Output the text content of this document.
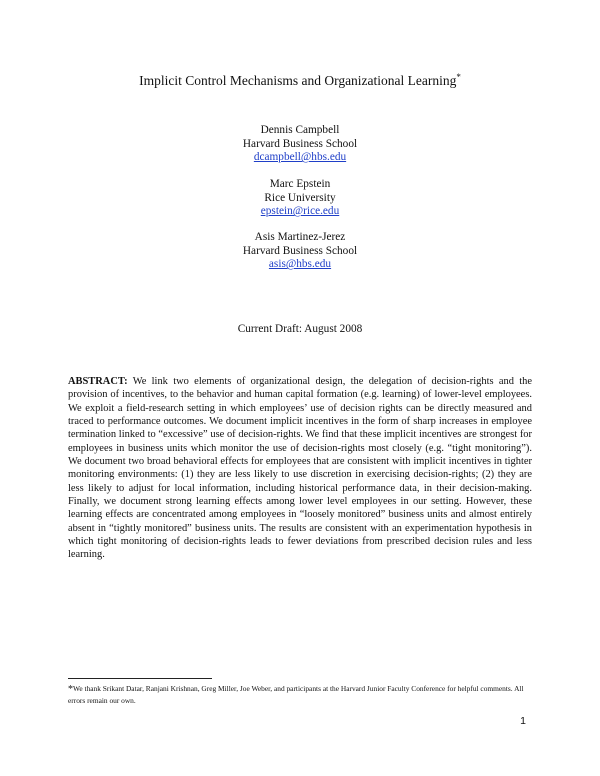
Implicit Control Mechanisms and Organizational Learning*
Dennis Campbell
Harvard Business School
dcampbell@hbs.edu
Marc Epstein
Rice University
epstein@rice.edu
Asis Martinez-Jerez
Harvard Business School
asis@hbs.edu
Current Draft: August 2008

ABSTRACT: We link two elements of organizational design, the delegation of decision-rights and the provision of incentives, to the behavior and human capital formation (e.g. learning) of lower-level employees. We exploit a field-research setting in which employees’ use of decision rights can be directly measured and traced to performance outcomes. We document implicit incentives in the form of sharp increases in employee termination linked to “excessive” use of decision-rights. We find that these implicit incentives are strongest for employees in business units which monitor the use of decision-rights most closely (e.g. “tight monitoring”). We document two broad behavioral effects for employees that are consistent with implicit incentives in tighter monitoring environments: (1) they are less likely to use discretion in exercising decision-rights; (2) they are less likely to adjust for local information, including historical performance data, in their decision-making. Finally, we document strong learning effects among lower level employees in our setting. However, these learning effects are concentrated among employees in “loosely monitored” business units and almost entirely absent in “tightly monitored” business units. The results are consistent with an experimentation hypothesis in which tight monitoring of decision-rights leads to fewer deviations from prescribed decision rules and less learning.

*We thank Srikant Datar, Ranjani Krishnan, Greg Miller, Joe Weber, and participants at the Harvard Junior Faculty Conference for helpful comments. All errors remain our own.

1
